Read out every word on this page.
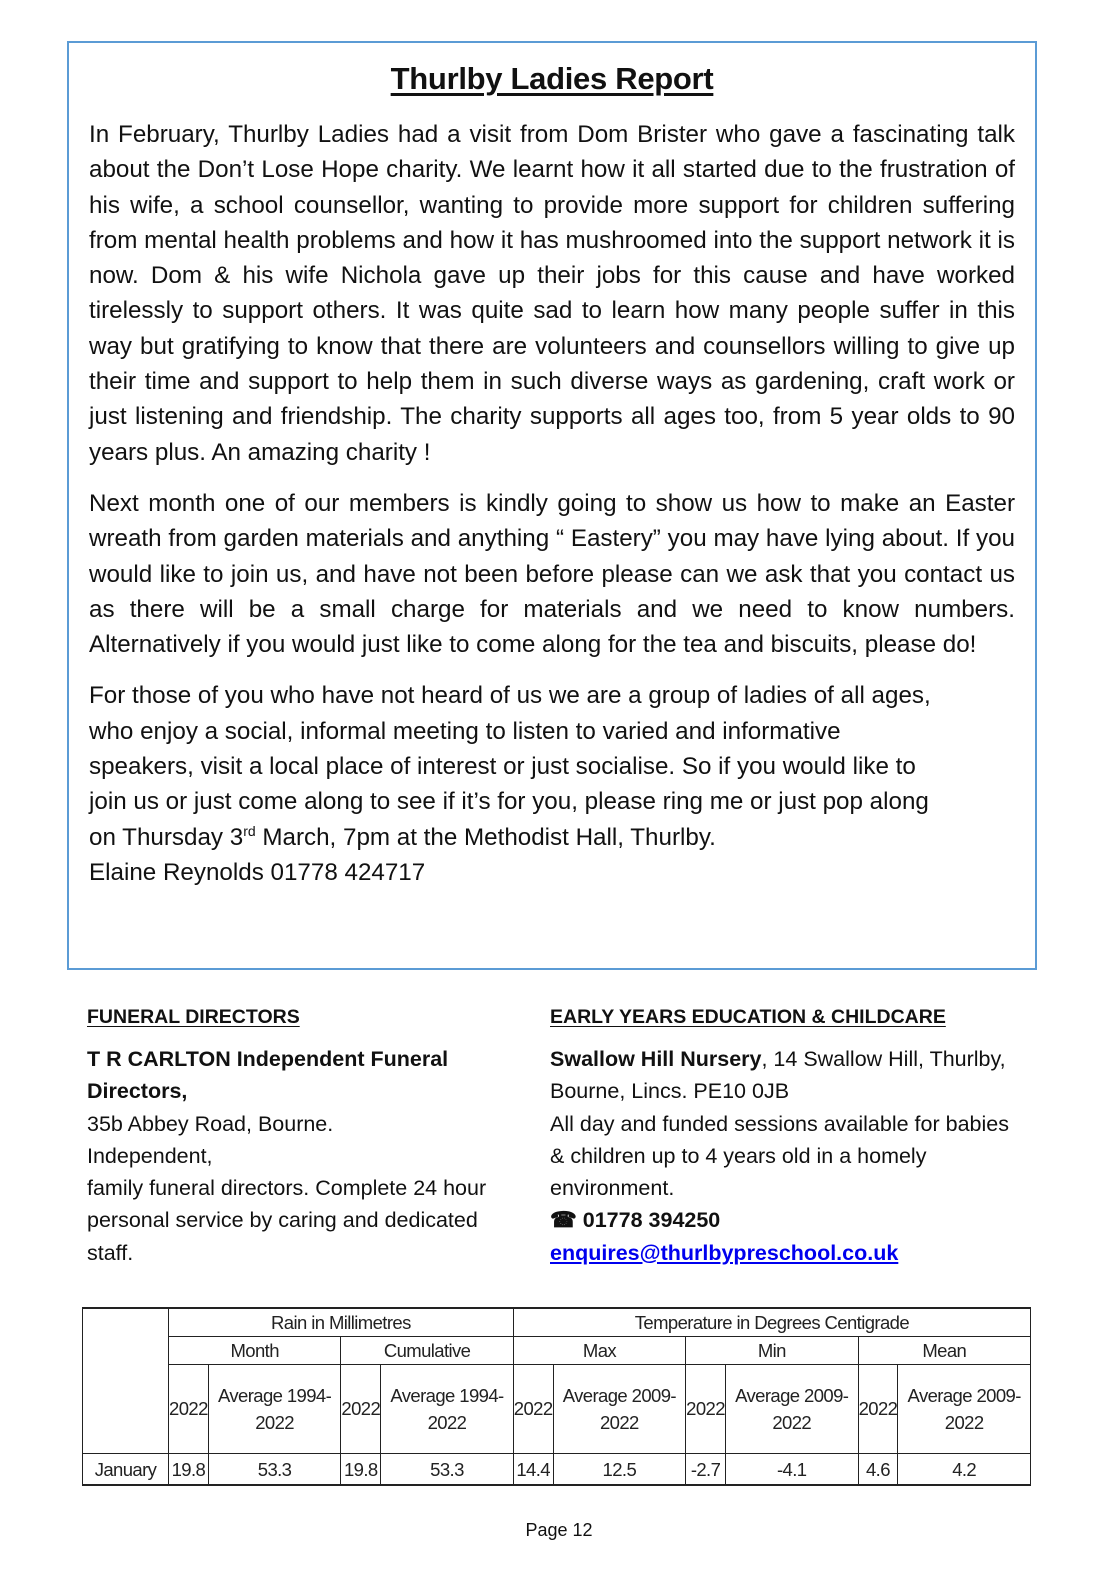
Thurlby Ladies Report

In February, Thurlby Ladies had a visit from Dom Brister who gave a fascinating talk about the Don’t Lose Hope charity. We learnt how it all started due to the frustration of his wife, a school counsellor, wanting to provide more support for children suffering from mental health problems and how it has mushroomed into the support network it is now. Dom & his wife Nichola gave up their jobs for this cause and have worked tirelessly to support others. It was quite sad to learn how many people suffer in this way but gratifying to know that there are volunteers and counsellors willing to give up their time and support to help them in such diverse ways as gardening, craft work or just listening and friendship. The charity supports all ages too, from 5 year olds to 90 years plus. An amazing charity !

Next month one of our members is kindly going to show us how to make an Easter wreath from garden materials and anything “ Eastery” you may have lying about. If you would like to join us, and have not been before please can we ask that you contact us as there will be a small charge for materials and we need to know numbers. Alternatively if you would just like to come along for the tea and biscuits, please do!

For those of you who have not heard of us we are a group of ladies of all ages,
who enjoy a social, informal meeting to listen to varied and informative
speakers, visit a local place of interest or just socialise. So if you would like to
join us or just come along to see if it’s for you, please ring me or just pop along
on Thursday 3rd March, 7pm at the Methodist Hall, Thurlby.
Elaine Reynolds 01778 424717
FUNERAL DIRECTORS
T R CARLTON Independent Funeral Directors,
35b Abbey Road, Bourne.
Independent,
family funeral directors. Complete 24 hour personal service by caring and dedicated staff.
EARLY YEARS EDUCATION & CHILDCARE
Swallow Hill Nursery, 14 Swallow Hill, Thurlby, Bourne, Lincs. PE10 0JB
All day and funded sessions available for babies & children up to 4 years old in a homely environment.
☎ 01778 394250
enquires@thurlbypreschool.co.uk
	Rain in Millimetres				Temperature in Degrees Centigrade					
	Month		Cumulative		Max		Min		Mean	
	2022	Average 1994- 2022	2022	Average 1994- 2022	2022	Average 2009- 2022	2022	Average 2009- 2022	2022	Average 2009- 2022
January	19.8	53.3	19.8	53.3	14.4	12.5	-2.7	-4.1	4.6	4.2
Page 12
